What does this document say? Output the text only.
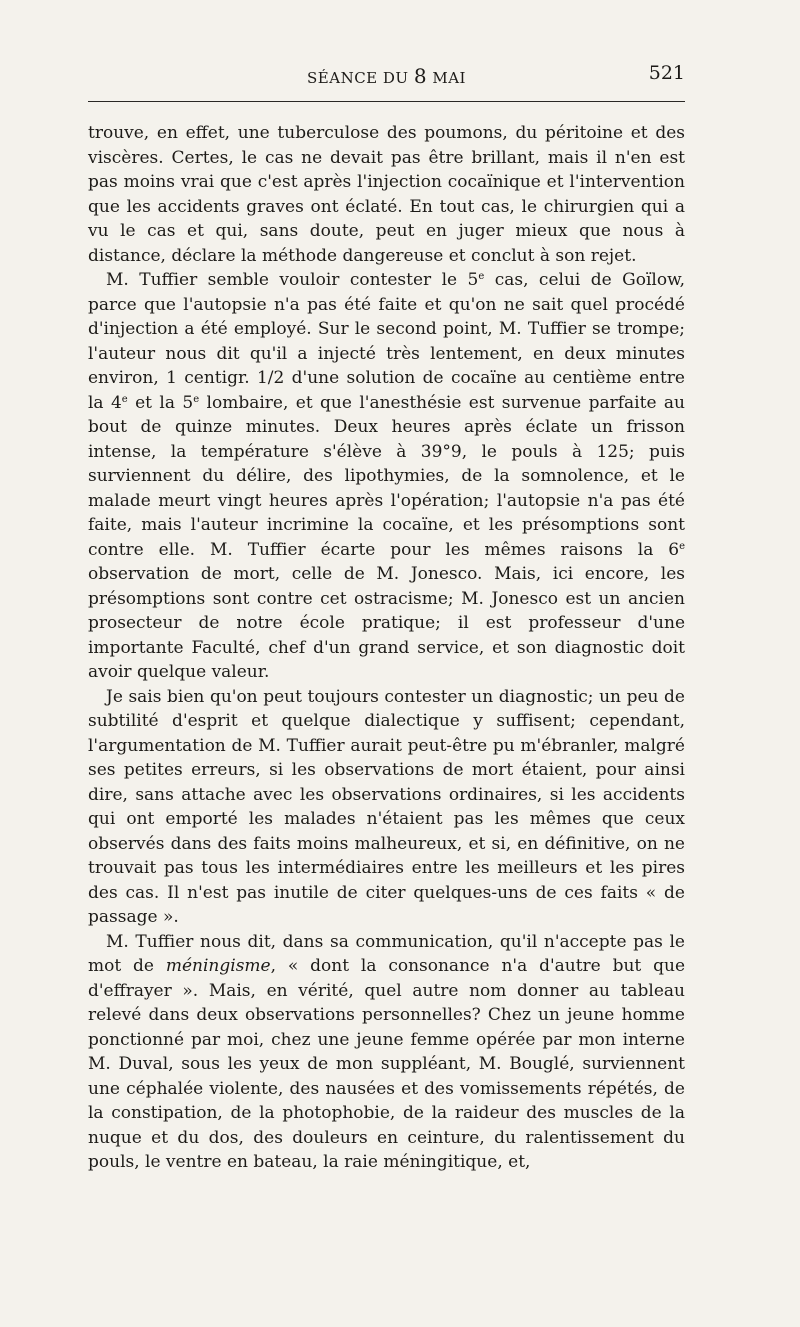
SÉANCE DU 8 MAI	521

trouve, en effet, une tuberculose des poumons, du péritoine et des viscères. Certes, le cas ne devait pas être brillant, mais il n'en est pas moins vrai que c'est après l'injection cocaïnique et l'intervention que les accidents graves ont éclaté. En tout cas, le chirurgien qui a vu le cas et qui, sans doute, peut en juger mieux que nous à distance, déclare la méthode dangereuse et conclut à son rejet.

M. Tuffier semble vouloir contester le 5e cas, celui de Goïlow, parce que l'autopsie n'a pas été faite et qu'on ne sait quel procédé d'injection a été employé. Sur le second point, M. Tuffier se trompe; l'auteur nous dit qu'il a injecté très lentement, en deux minutes environ, 1 centigr. 1/2 d'une solution de cocaïne au centième entre la 4e et la 5e lombaire, et que l'anesthésie est survenue parfaite au bout de quinze minutes. Deux heures après éclate un frisson intense, la température s'élève à 39°9, le pouls à 125; puis surviennent du délire, des lipothymies, de la somnolence, et le malade meurt vingt heures après l'opération; l'autopsie n'a pas été faite, mais l'auteur incrimine la cocaïne, et les présomptions sont contre elle. M. Tuffier écarte pour les mêmes raisons la 6e observation de mort, celle de M. Jonesco. Mais, ici encore, les présomptions sont contre cet ostracisme; M. Jonesco est un ancien prosecteur de notre école pratique; il est professeur d'une importante Faculté, chef d'un grand service, et son diagnostic doit avoir quelque valeur.

Je sais bien qu'on peut toujours contester un diagnostic; un peu de subtilité d'esprit et quelque dialectique y suffisent; cependant, l'argumentation de M. Tuffier aurait peut-être pu m'ébranler, malgré ses petites erreurs, si les observations de mort étaient, pour ainsi dire, sans attache avec les observations ordinaires, si les accidents qui ont emporté les malades n'étaient pas les mêmes que ceux observés dans des faits moins malheureux, et si, en définitive, on ne trouvait pas tous les intermédiaires entre les meilleurs et les pires des cas. Il n'est pas inutile de citer quelques-uns de ces faits « de passage ».

M. Tuffier nous dit, dans sa communication, qu'il n'accepte pas le mot de méningisme, « dont la consonance n'a d'autre but que d'effrayer ». Mais, en vérité, quel autre nom donner au tableau relevé dans deux observations personnelles? Chez un jeune homme ponctionné par moi, chez une jeune femme opérée par mon interne M. Duval, sous les yeux de mon suppléant, M. Bouglé, surviennent une céphalée violente, des nausées et des vomissements répétés, de la constipation, de la photophobie, de la raideur des muscles de la nuque et du dos, des douleurs en ceinture, du ralentissement du pouls, le ventre en bateau, la raie méningitique, et,
